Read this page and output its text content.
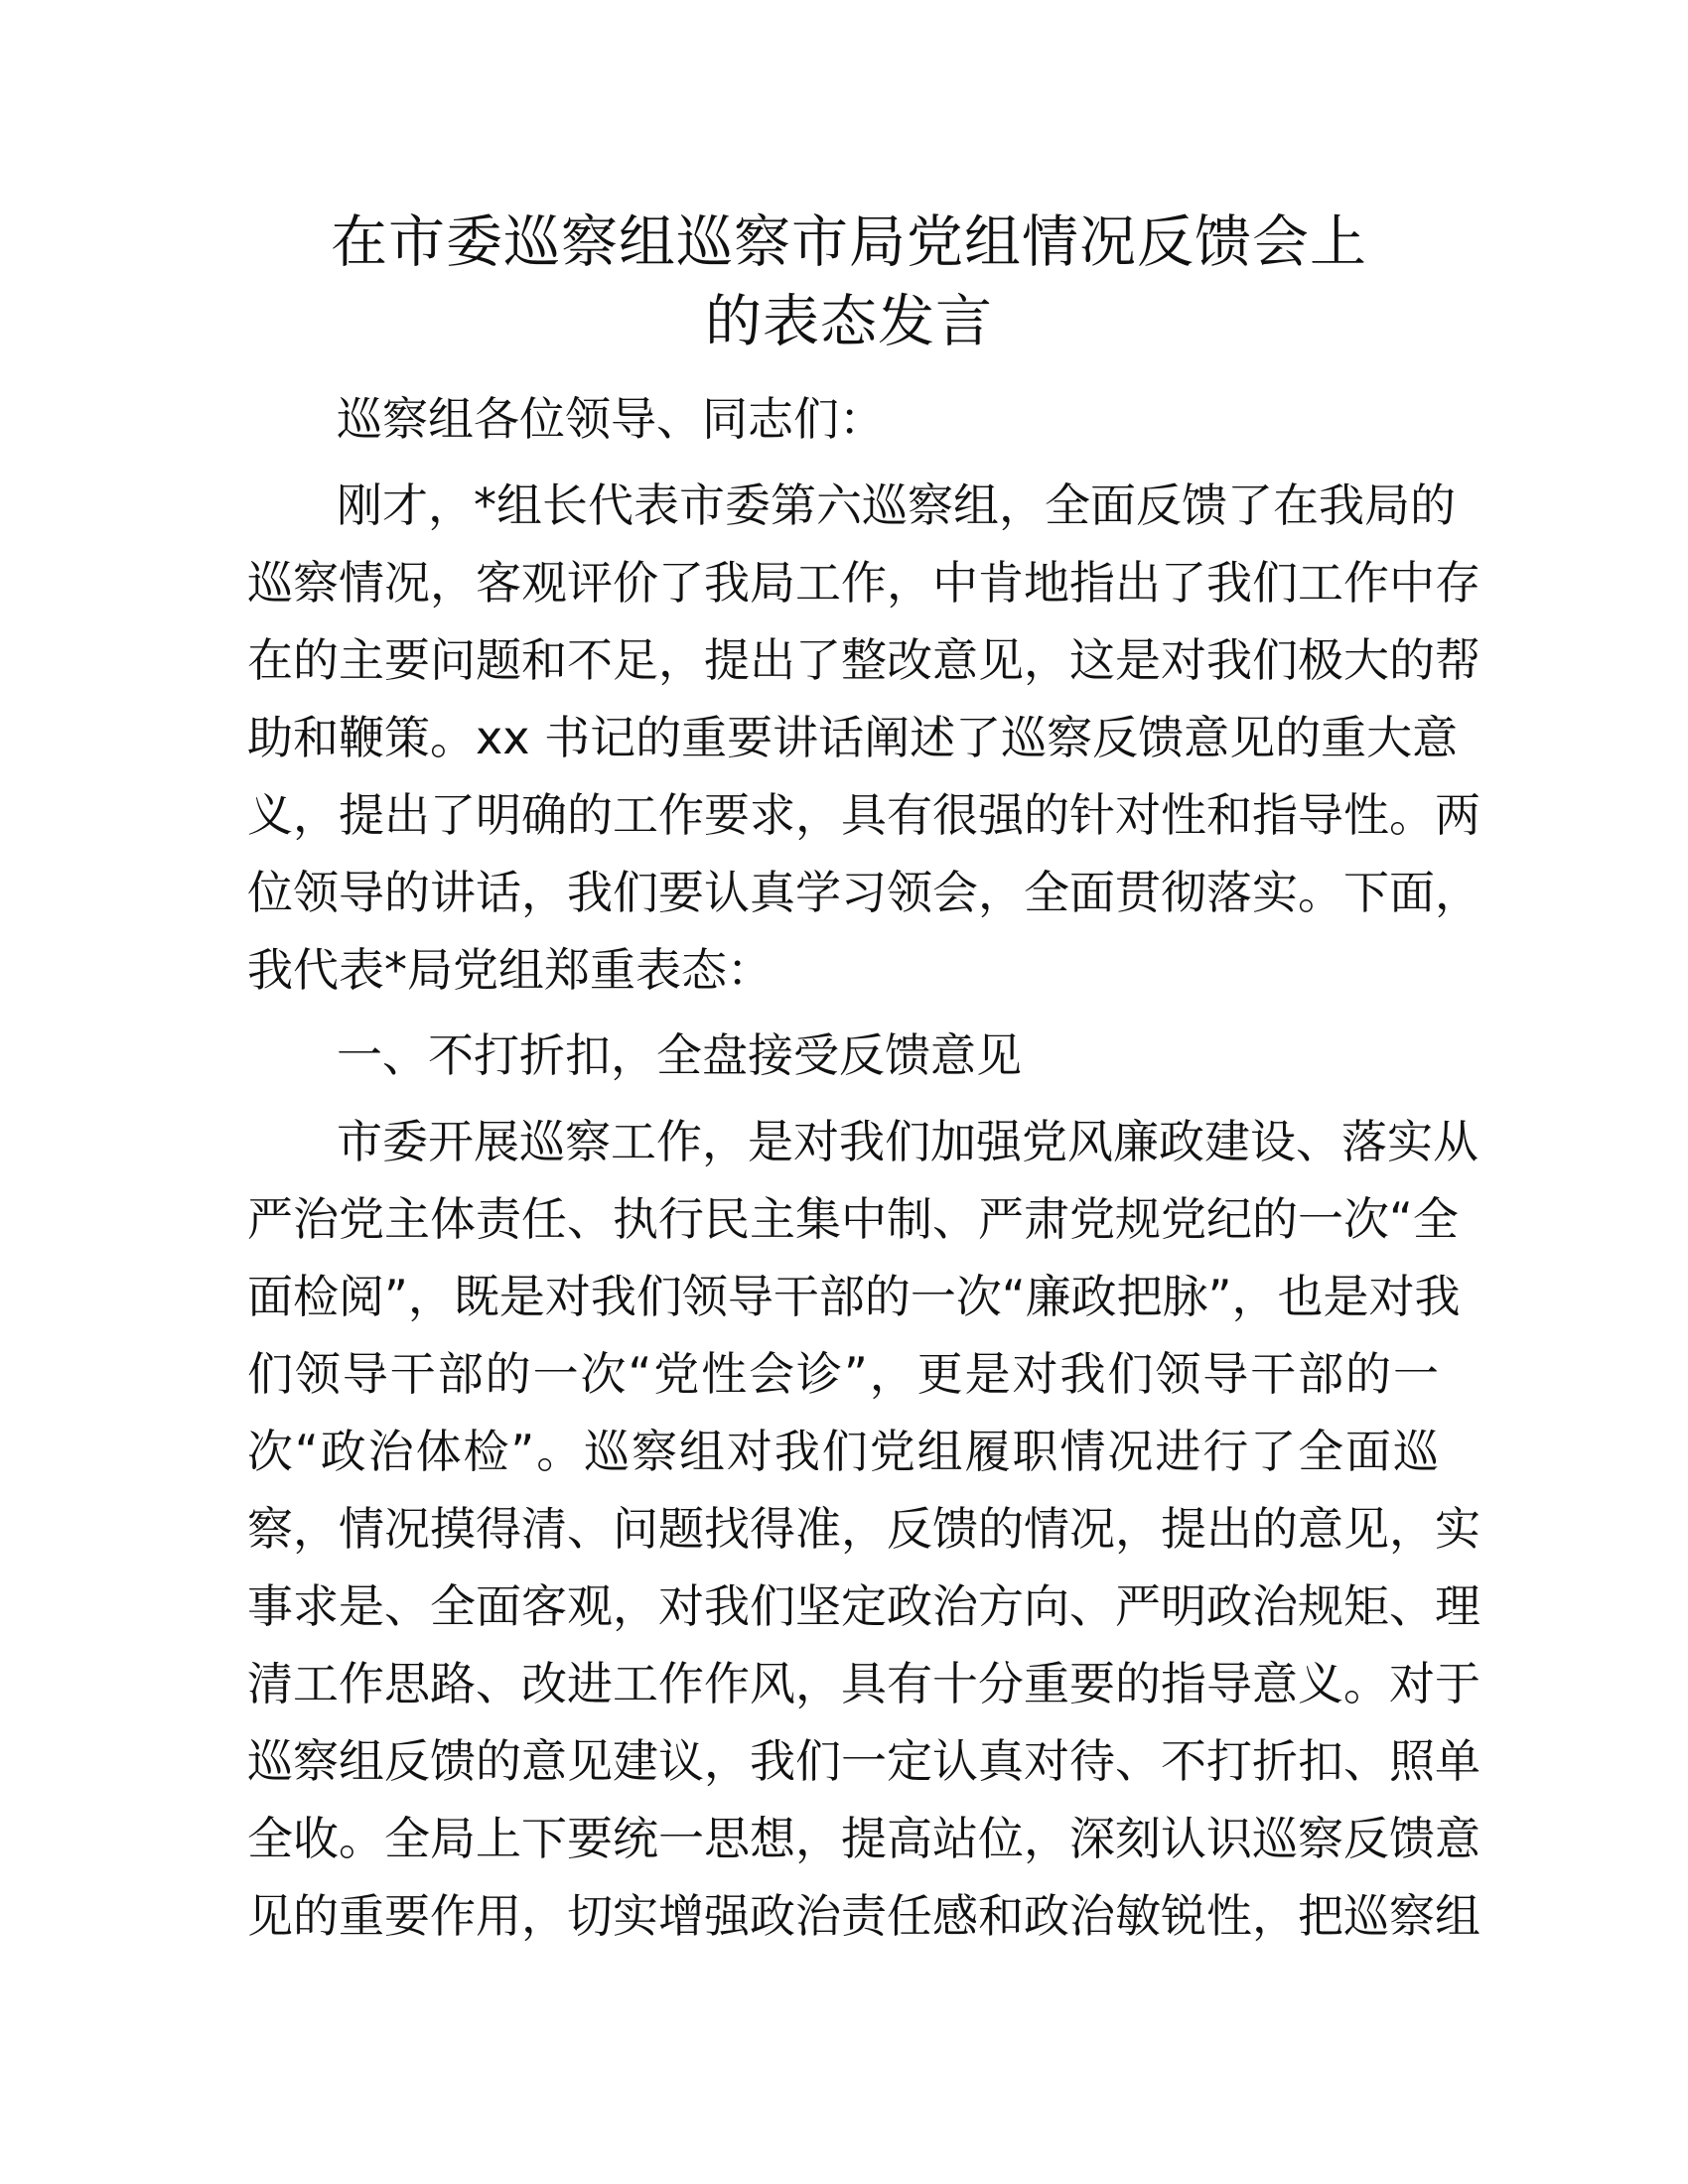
在市委巡察组巡察市局党组情况反馈会上
的表态发言
巡察组各位领导、同志们：
刚才，*组长代表市委第六巡察组，全面反馈了在我局的
巡察情况，客观评价了我局工作，中肯地指出了我们工作中存
在的主要问题和不足，提出了整改意见，这是对我们极大的帮
助和鞭策。xx 书记的重要讲话阐述了巡察反馈意见的重大意
义，提出了明确的工作要求，具有很强的针对性和指导性。两
位领导的讲话，我们要认真学习领会，全面贯彻落实。下面，
我代表*局党组郑重表态：
一、不打折扣，全盘接受反馈意见
市委开展巡察工作，是对我们加强党风廉政建设、落实从
严治党主体责任、执行民主集中制、严肃党规党纪的一次“全
面检阅”，既是对我们领导干部的一次“廉政把脉”，也是对我
们领导干部的一次“党性会诊”，更是对我们领导干部的一
次“政治体检”。巡察组对我们党组履职情况进行了全面巡
察，情况摸得清、问题找得准，反馈的情况，提出的意见，实
事求是、全面客观，对我们坚定政治方向、严明政治规矩、理
清工作思路、改进工作作风，具有十分重要的指导意义。对于
巡察组反馈的意见建议，我们一定认真对待、不打折扣、照单
全收。全局上下要统一思想，提高站位，深刻认识巡察反馈意
见的重要作用，切实增强政治责任感和政治敏锐性，把巡察组
